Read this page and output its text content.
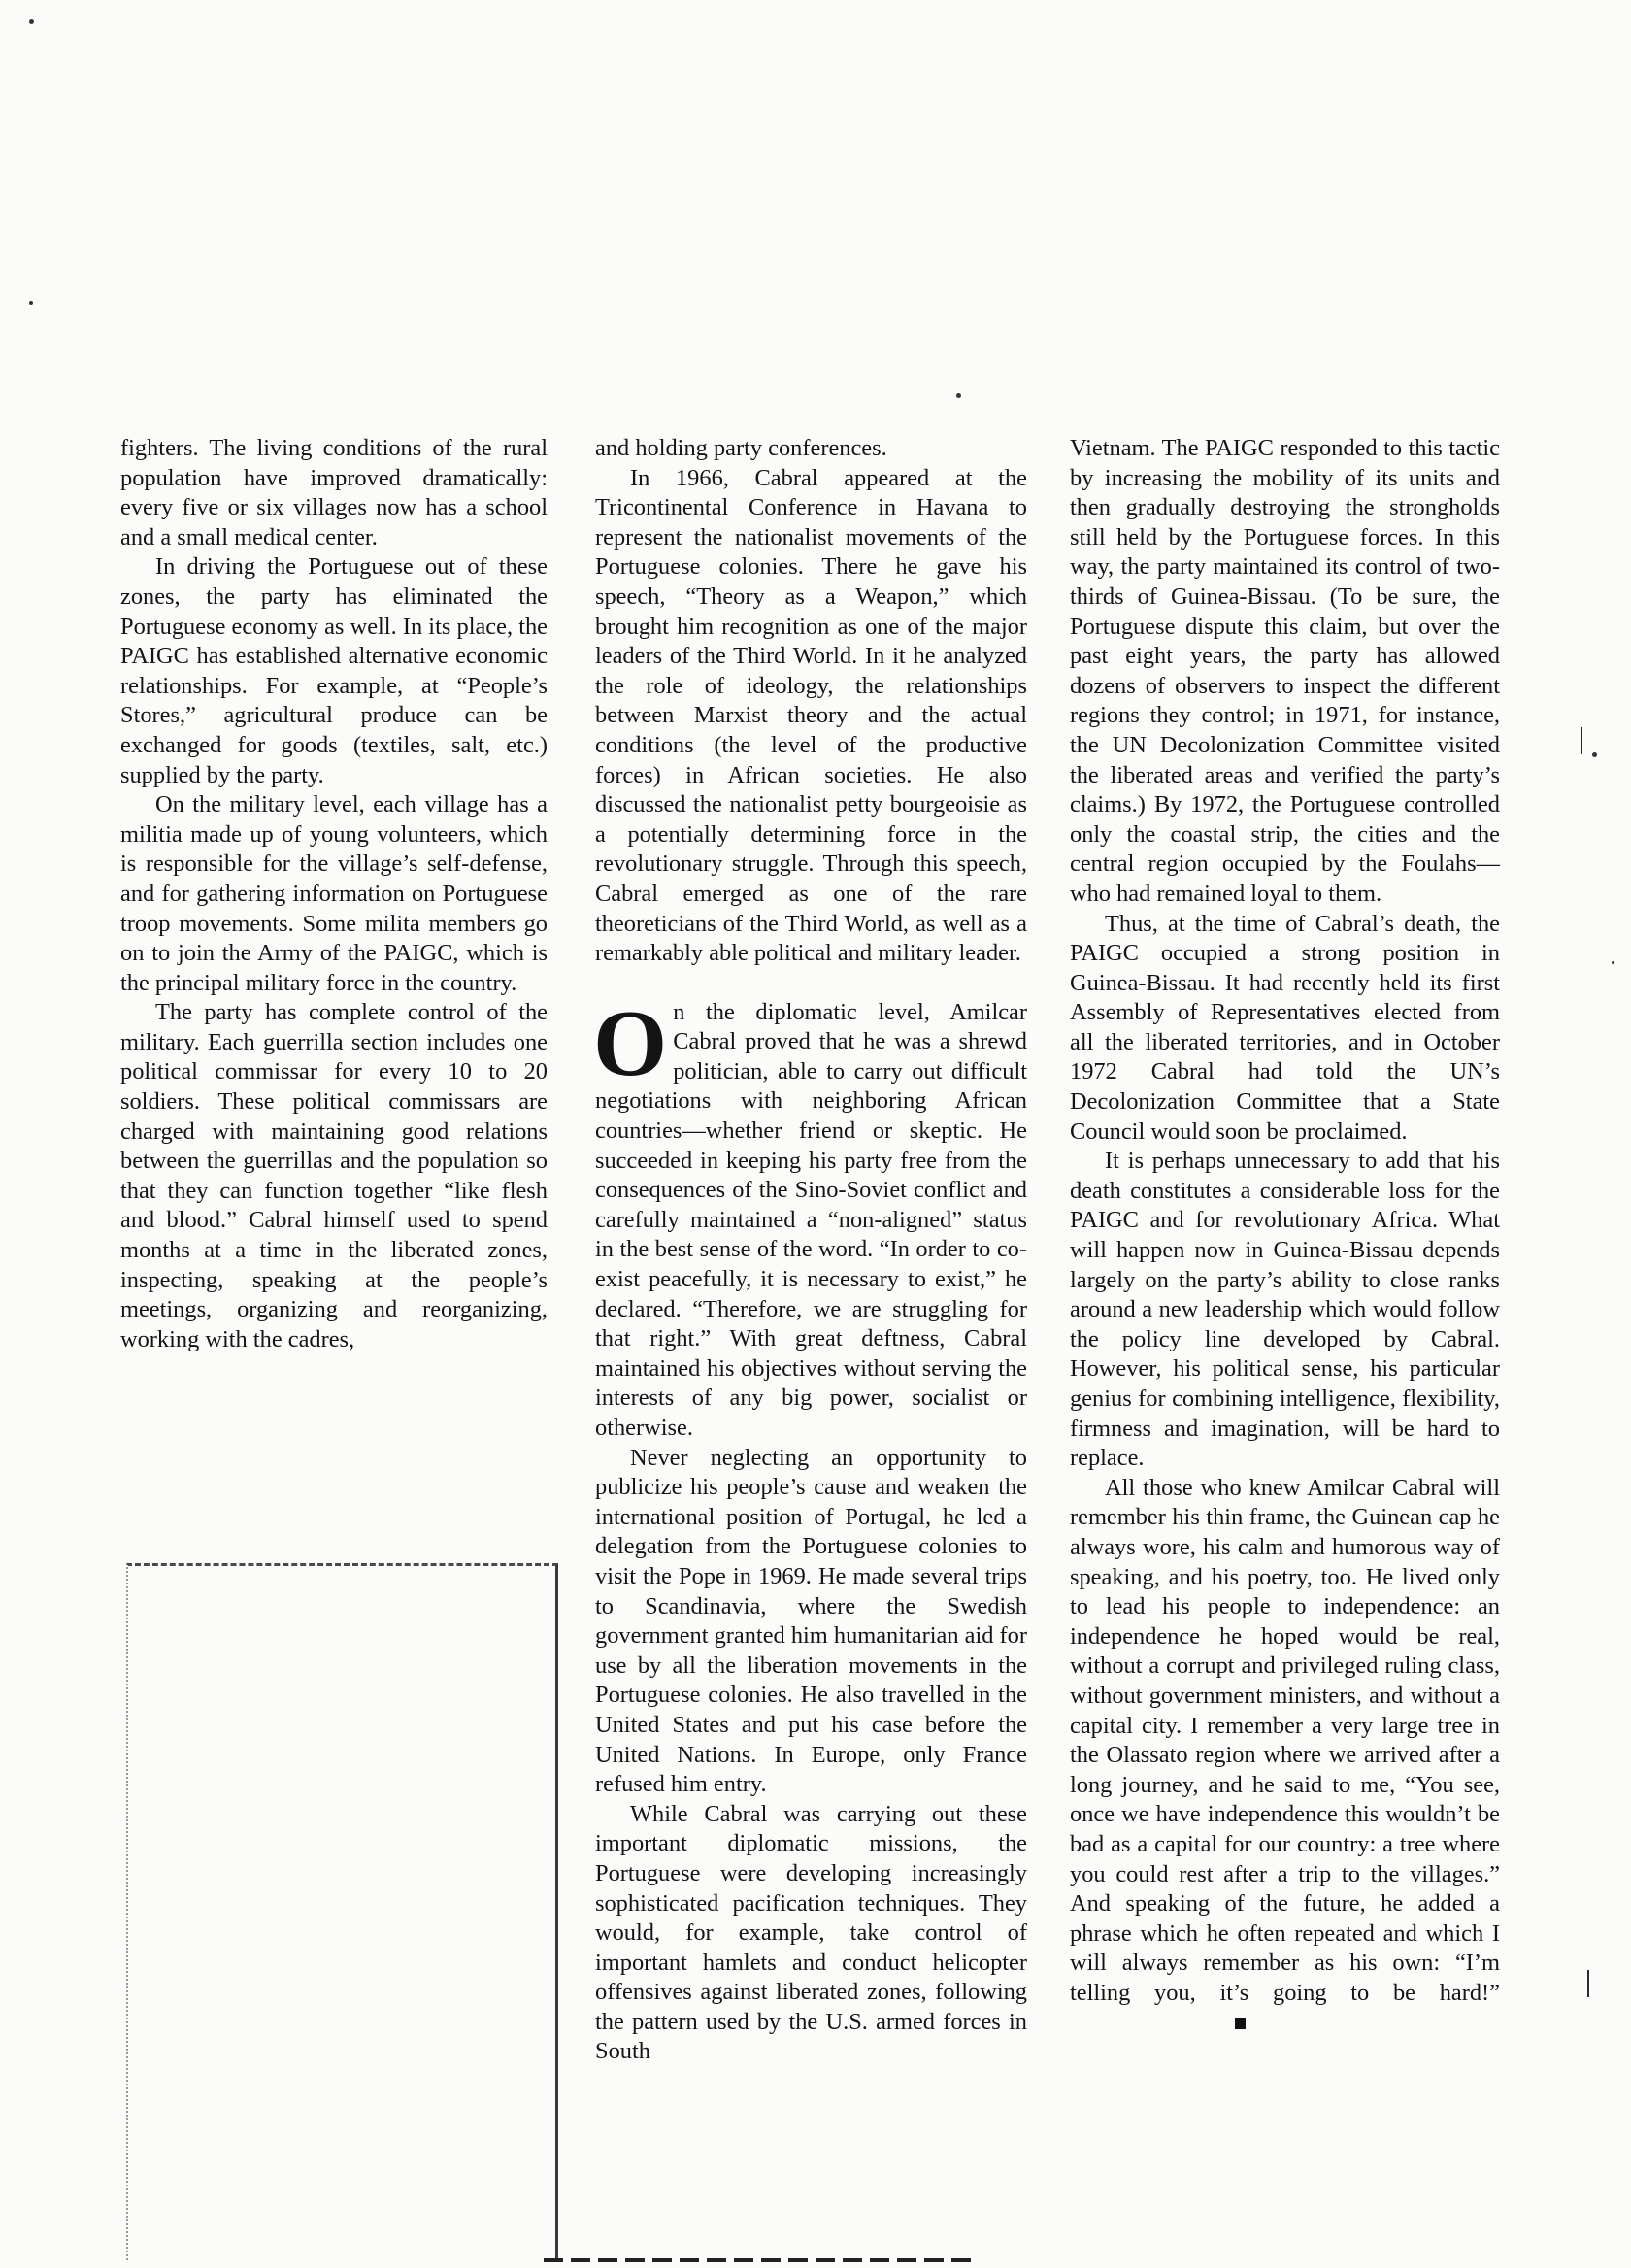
ǀ
ǀ

fighters. The living conditions of the rural population have improved dramatically: every five or six villages now has a school and a small medical center.

In driving the Portuguese out of these zones, the party has eliminated the Portuguese economy as well. In its place, the PAIGC has established alternative economic relationships. For example, at “People’s Stores,” agricultural produce can be exchanged for goods (textiles, salt, etc.) supplied by the party.

On the military level, each village has a militia made up of young volunteers, which is responsible for the village’s self-defense, and for gathering information on Portuguese troop movements. Some milita members go on to join the Army of the PAIGC, which is the principal military force in the country.

The party has complete control of the military. Each guerrilla section includes one political commissar for every 10 to 20 soldiers. These political commissars are charged with maintaining good relations between the guerrillas and the population so that they can function together “like flesh and blood.” Cabral himself used to spend months at a time in the liberated zones, inspecting, speaking at the people’s meetings, organizing and reorganizing, working with the cadres,

and holding party conferences.

In 1966, Cabral appeared at the Tricontinental Conference in Havana to represent the nationalist movements of the Portuguese colonies. There he gave his speech, “Theory as a Weapon,” which brought him recognition as one of the major leaders of the Third World. In it he analyzed the role of ideology, the relationships between Marxist theory and the actual conditions (the level of the productive forces) in African societies. He also discussed the nationalist petty bourgeoisie as a potentially determining force in the revolutionary struggle. Through this speech, Cabral emerged as one of the rare theoreticians of the Third World, as well as a remarkably able political and military leader.

On the diplomatic level, Amilcar Cabral proved that he was a shrewd politician, able to carry out difficult negotiations with neighboring African countries—whether friend or skeptic. He succeeded in keeping his party free from the consequences of the Sino-Soviet conflict and carefully maintained a “non-aligned” status in the best sense of the word. “In order to co-exist peacefully, it is necessary to exist,” he declared. “Therefore, we are struggling for that right.” With great deftness, Cabral maintained his objectives without serving the interests of any big power, socialist or otherwise.

Never neglecting an opportunity to publicize his people’s cause and weaken the international position of Portugal, he led a delegation from the Portuguese colonies to visit the Pope in 1969. He made several trips to Scandinavia, where the Swedish government granted him humanitarian aid for use by all the liberation movements in the Portuguese colonies. He also travelled in the United States and put his case before the United Nations. In Europe, only France refused him entry.

While Cabral was carrying out these important diplomatic missions, the Portuguese were developing increasingly sophisticated pacification techniques. They would, for example, take control of important hamlets and conduct helicopter offensives against liberated zones, following the pattern used by the U.S. armed forces in South

Vietnam. The PAIGC responded to this tactic by increasing the mobility of its units and then gradually destroying the strongholds still held by the Portuguese forces. In this way, the party maintained its control of two-thirds of Guinea-Bissau. (To be sure, the Portuguese dispute this claim, but over the past eight years, the party has allowed dozens of observers to inspect the different regions they control; in 1971, for instance, the UN Decolonization Committee visited the liberated areas and verified the party’s claims.) By 1972, the Portuguese controlled only the coastal strip, the cities and the central region occupied by the Foulahs—who had remained loyal to them.

Thus, at the time of Cabral’s death, the PAIGC occupied a strong position in Guinea-Bissau. It had recently held its first Assembly of Representatives elected from all the liberated territories, and in October 1972 Cabral had told the UN’s Decolonization Committee that a State Council would soon be proclaimed.

It is perhaps unnecessary to add that his death constitutes a considerable loss for the PAIGC and for revolutionary Africa. What will happen now in Guinea-Bissau depends largely on the party’s ability to close ranks around a new leadership which would follow the policy line developed by Cabral. However, his political sense, his particular genius for combining intelligence, flexibility, firmness and imagination, will be hard to replace.

All those who knew Amilcar Cabral will remember his thin frame, the Guinean cap he always wore, his calm and humorous way of speaking, and his poetry, too. He lived only to lead his people to independence: an independence he hoped would be real, without a corrupt and privileged ruling class, without government ministers, and without a capital city. I remember a very large tree in the Olassato region where we arrived after a long journey, and he said to me, “You see, once we have independence this wouldn’t be bad as a capital for our country: a tree where you could rest after a trip to the villages.” And speaking of the future, he added a phrase which he often repeated and which I will always remember as his own: “I’m telling you, it’s going to be hard!”
